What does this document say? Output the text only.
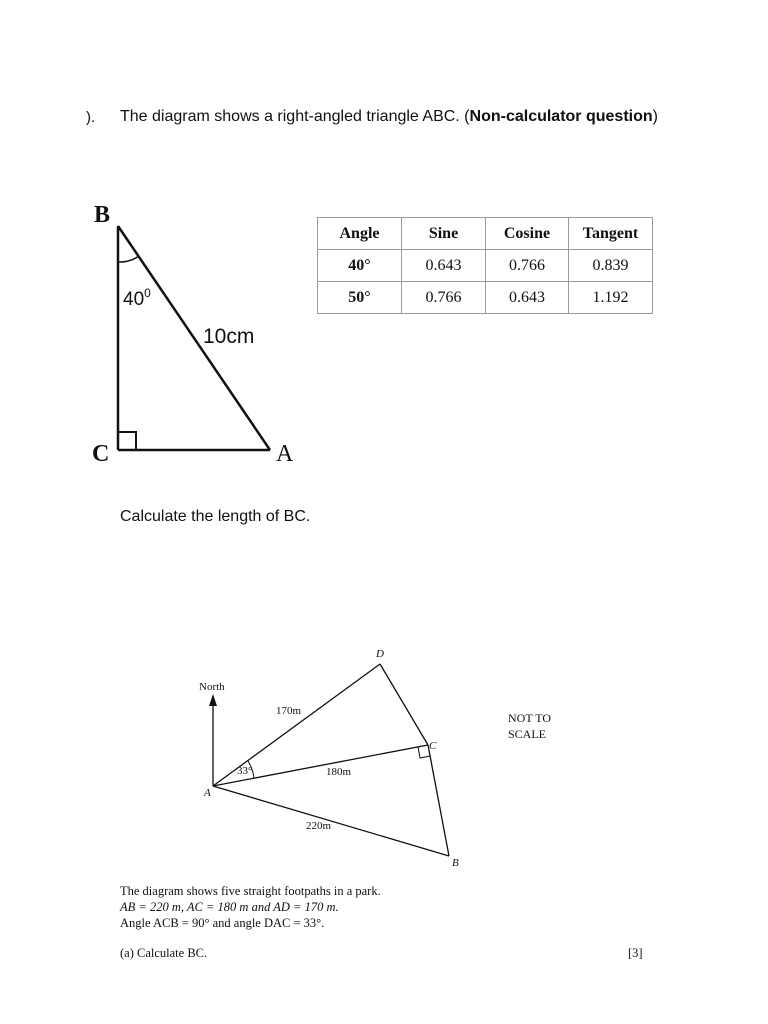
). The diagram shows a right-angled triangle ABC. (Non-calculator question)
B
C	A
$40^0$
10cm
North
A
D
C
B
170m
180m
220m
33°
Angle	Sine	Cosine	Tangent
40°	0.643	0.766	0.839
50°	0.766	0.643	1.192
Calculate the length of BC.
NOT TO
SCALE
The diagram shows five straight footpaths in a park.
AB = 220 m, AC = 180 m and AD = 170 m.
Angle ACB = 90° and angle DAC = 33°.
(a) Calculate BC.	[3]
